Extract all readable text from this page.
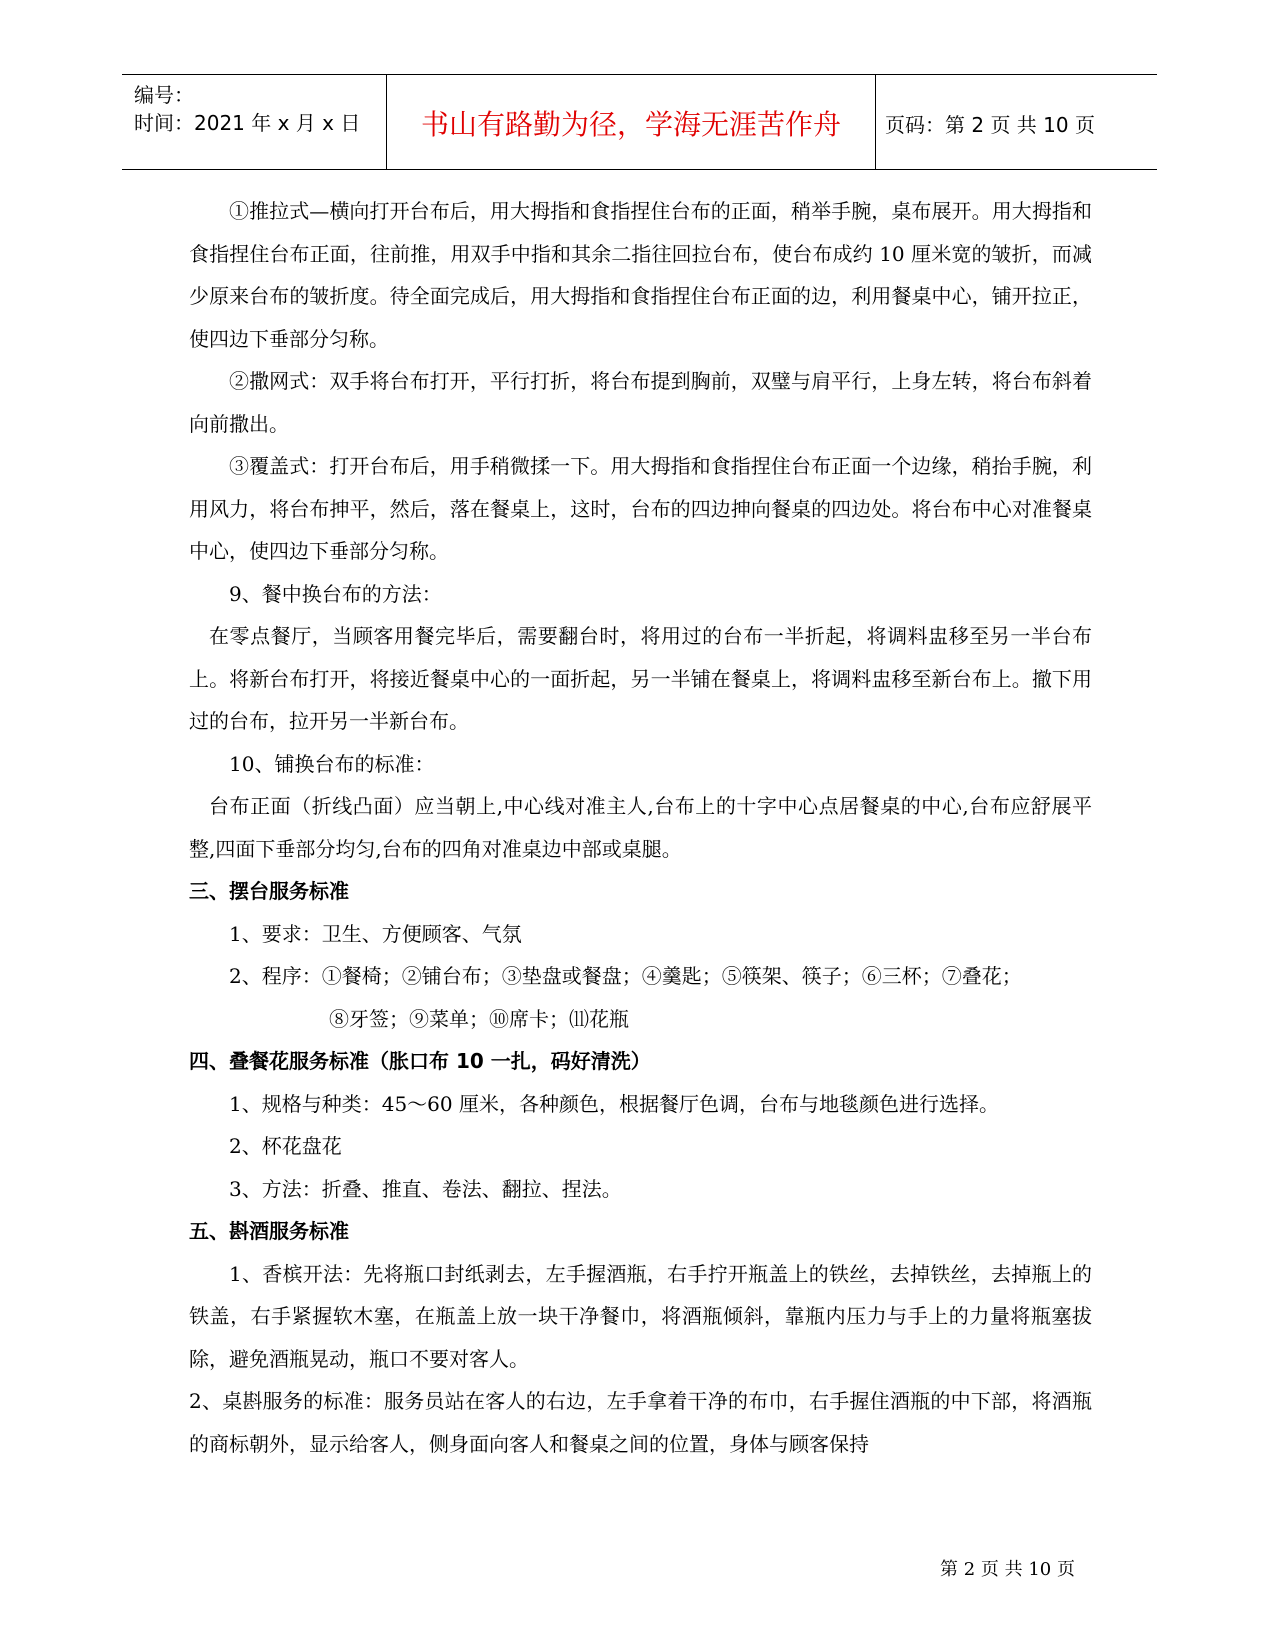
编号：
时间：2021 年 x 月 x 日	书山有路勤为径，学海无涯苦作舟	页码：第 2 页 共 10 页

①推拉式—横向打开台布后，用大拇指和食指捏住台布的正面，稍举手腕，桌布展开。用大拇指和食指捏住台布正面，往前推，用双手中指和其余二指往回拉台布，使台布成约 10 厘米宽的皱折，而减少原来台布的皱折度。待全面完成后，用大拇指和食指捏住台布正面的边，利用餐桌中心，铺开拉正，使四边下垂部分匀称。

②撒网式：双手将台布打开，平行打折，将台布提到胸前，双璧与肩平行，上身左转，将台布斜着向前撒出。

③覆盖式：打开台布后，用手稍微揉一下。用大拇指和食指捏住台布正面一个边缘，稍抬手腕，利用风力，将台布抻平，然后，落在餐桌上，这时，台布的四边抻向餐桌的四边处。将台布中心对准餐桌中心，使四边下垂部分匀称。

9、餐中换台布的方法：

在零点餐厅，当顾客用餐完毕后，需要翻台时，将用过的台布一半折起，将调料盅移至另一半台布上。将新台布打开，将接近餐桌中心的一面折起，另一半铺在餐桌上，将调料盅移至新台布上。撤下用过的台布，拉开另一半新台布。

10、铺换台布的标准：

台布正面（折线凸面）应当朝上,中心线对准主人,台布上的十字中心点居餐桌的中心,台布应舒展平整,四面下垂部分均匀,台布的四角对准桌边中部或桌腿。

三、摆台服务标准

1、要求：卫生、方便顾客、气氛

2、程序：①餐椅；②铺台布；③垫盘或餐盘；④羹匙；⑤筷架、筷子；⑥三杯；⑦叠花；

⑧牙签；⑨菜单；⑩席卡；⑾花瓶

四、叠餐花服务标准（胀口布 10 一扎，码好清洗）

1、规格与种类：45～60 厘米，各种颜色，根据餐厅色调，台布与地毯颜色进行选择。

2、杯花盘花

3、方法：折叠、推直、卷法、翻拉、捏法。

五、斟酒服务标准

1、香槟开法：先将瓶口封纸剥去，左手握酒瓶，右手拧开瓶盖上的铁丝，去掉铁丝，去掉瓶上的铁盖，右手紧握软木塞，在瓶盖上放一块干净餐巾，将酒瓶倾斜，靠瓶内压力与手上的力量将瓶塞拔除，避免酒瓶晃动，瓶口不要对客人。

2、桌斟服务的标准：服务员站在客人的右边，左手拿着干净的布巾，右手握住酒瓶的中下部，将酒瓶的商标朝外，显示给客人，侧身面向客人和餐桌之间的位置，身体与顾客保持

第 2 页 共 10 页
